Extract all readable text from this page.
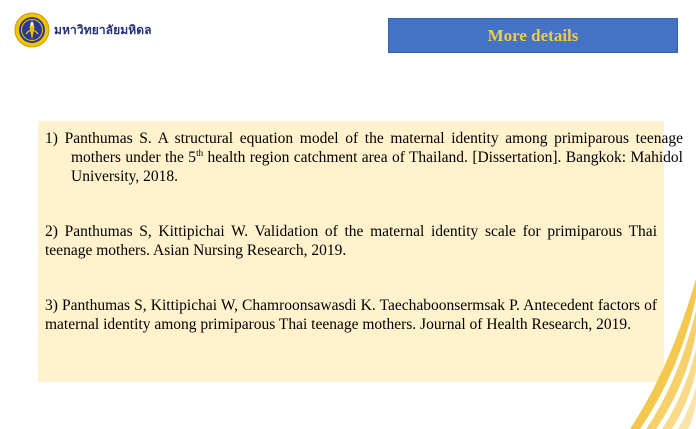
มหาวิทยาลัยมหิดล	More details
1) Panthumas S. A structural equation model of the maternal identity among primiparous teenage mothers under the 5th health region catchment area of Thailand. [Dissertation]. Bangkok: Mahidol University, 2018.
2) Panthumas S, Kittipichai W. Validation of the maternal identity scale for primiparous Thai teenage mothers. Asian Nursing Research, 2019.
3) Panthumas S, Kittipichai W, Chamroonsawasdi K. Taechaboonsermsak P. Antecedent factors of maternal identity among primiparous Thai teenage mothers. Journal of Health Research, 2019.
